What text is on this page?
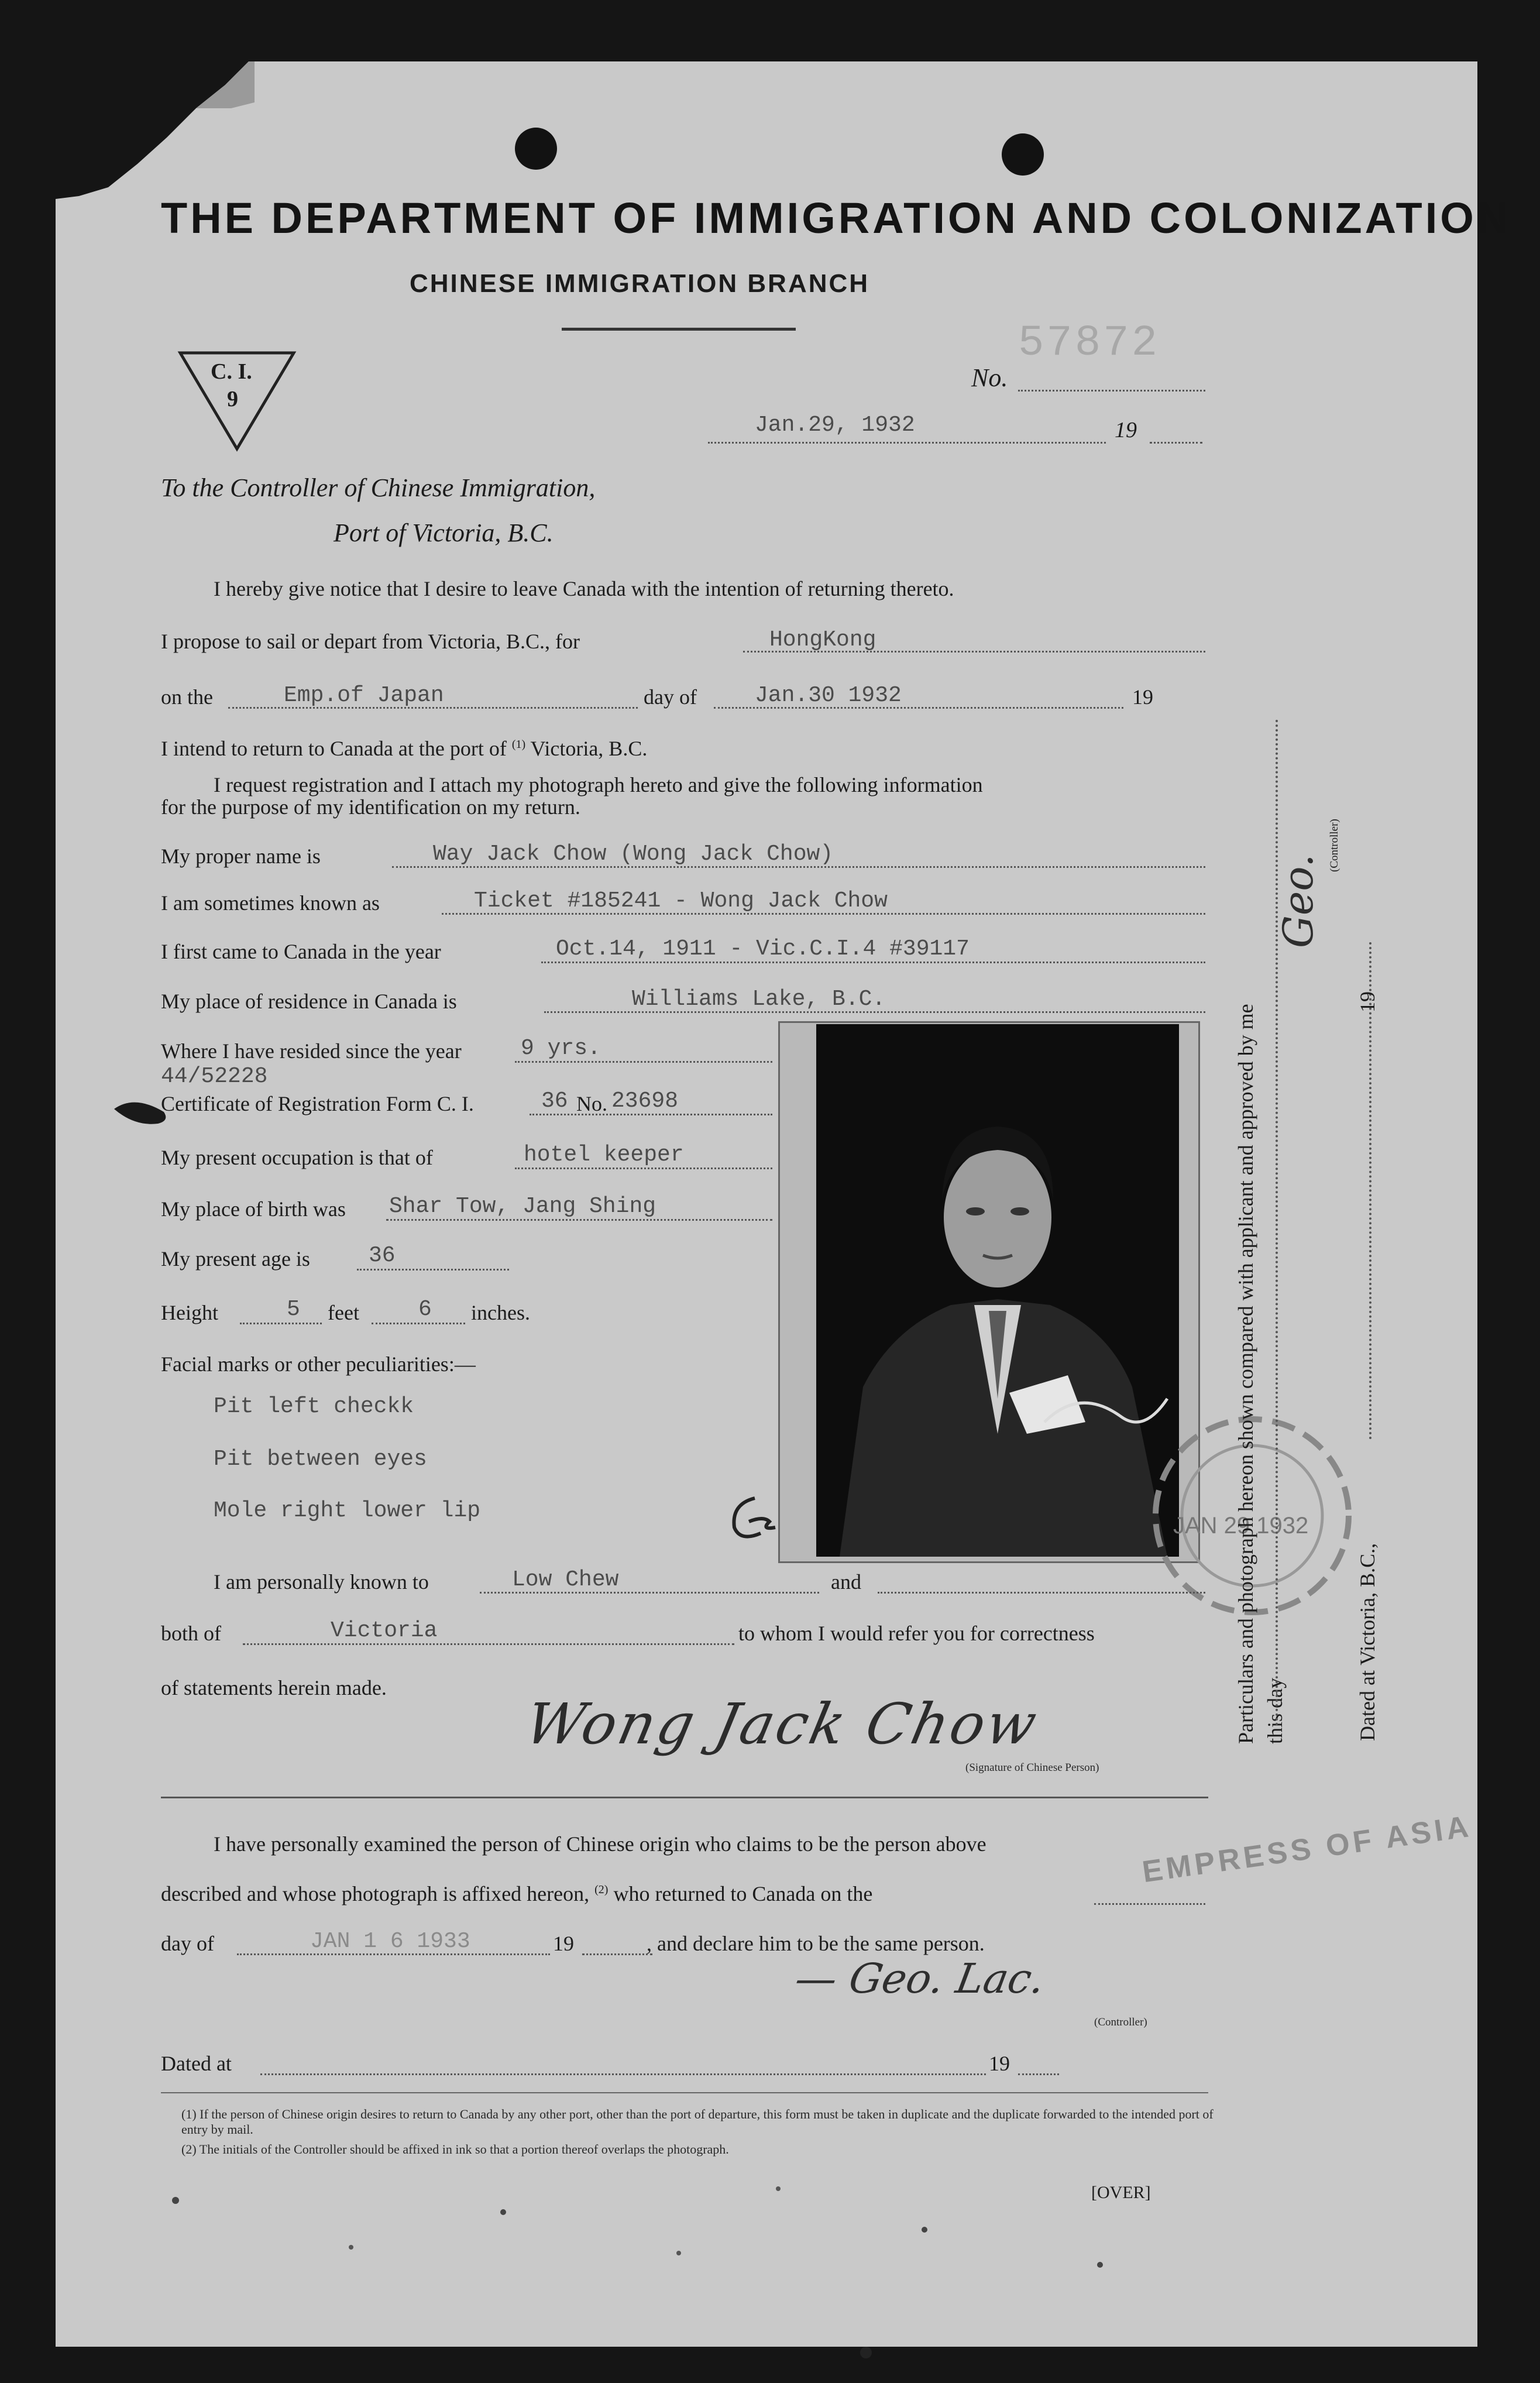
THE DEPARTMENT OF IMMIGRATION AND COLONIZATION
CHINESE IMMIGRATION BRANCH
C. I.
9
No.
57872
Jan.29, 1932	19
To the Controller of Chinese Immigration,
Port of Victoria, B.C.
I hereby give notice that I desire to leave Canada with the intention of returning thereto.
I propose to sail or depart from Victoria, B.C., for	HongKong
on the	Emp.of Japan	day of	Jan.30 1932	19
I intend to return to Canada at the port of $^{(1)}$ Victoria, B.C.
I request registration and I attach my photograph hereto and give the following information
for the purpose of my identification on my return.
My proper name is	Way Jack Chow (Wong Jack Chow)
I am sometimes known as	Ticket #185241 - Wong Jack Chow
I first came to Canada in the year	Oct.14, 1911 - Vic.C.I.4 #39117
My place of residence in Canada is	Williams Lake, B.C.
Where I have resided since the year	9 yrs.
44/52228
Certificate of Registration Form C. I.	36 No. 23698
My present occupation is that of	hotel keeper
My place of birth was Shar Tow, Jang Shing
My present age is	36
Height	5 feet	6 inches.
Facial marks or other peculiarities:—
Pit left checkk
Pit between eyes
Mole right lower lip
JAN 29 1932
I am personally known to	Low Chew	and
both of	Victoria	to whom I would refer you for correctness
of statements herein made.
Wong Jack Chow
(Signature of Chinese Person)
Particulars and photograph hereon shown compared with applicant and approved by me this day
Geo.
(Controller)
Dated at Victoria, B.C.,
19
I have personally examined the person of Chinese origin who claims to be the person above
described and whose photograph is affixed hereon, $^{(2)}$ who returned to Canada on the
EMPRESS OF ASIA
day of	JAN 1 6 1933	19	, and declare him to be the same person.
— Geo. Lac.
(Controller)
Dated at	19
(1) If the person of Chinese origin desires to return to Canada by any other port, other than the port of departure, this form must be taken in duplicate and the duplicate forwarded to the intended port of entry by mail.
(2) The initials of the Controller should be affixed in ink so that a portion thereof overlaps the photograph.
[OVER]
